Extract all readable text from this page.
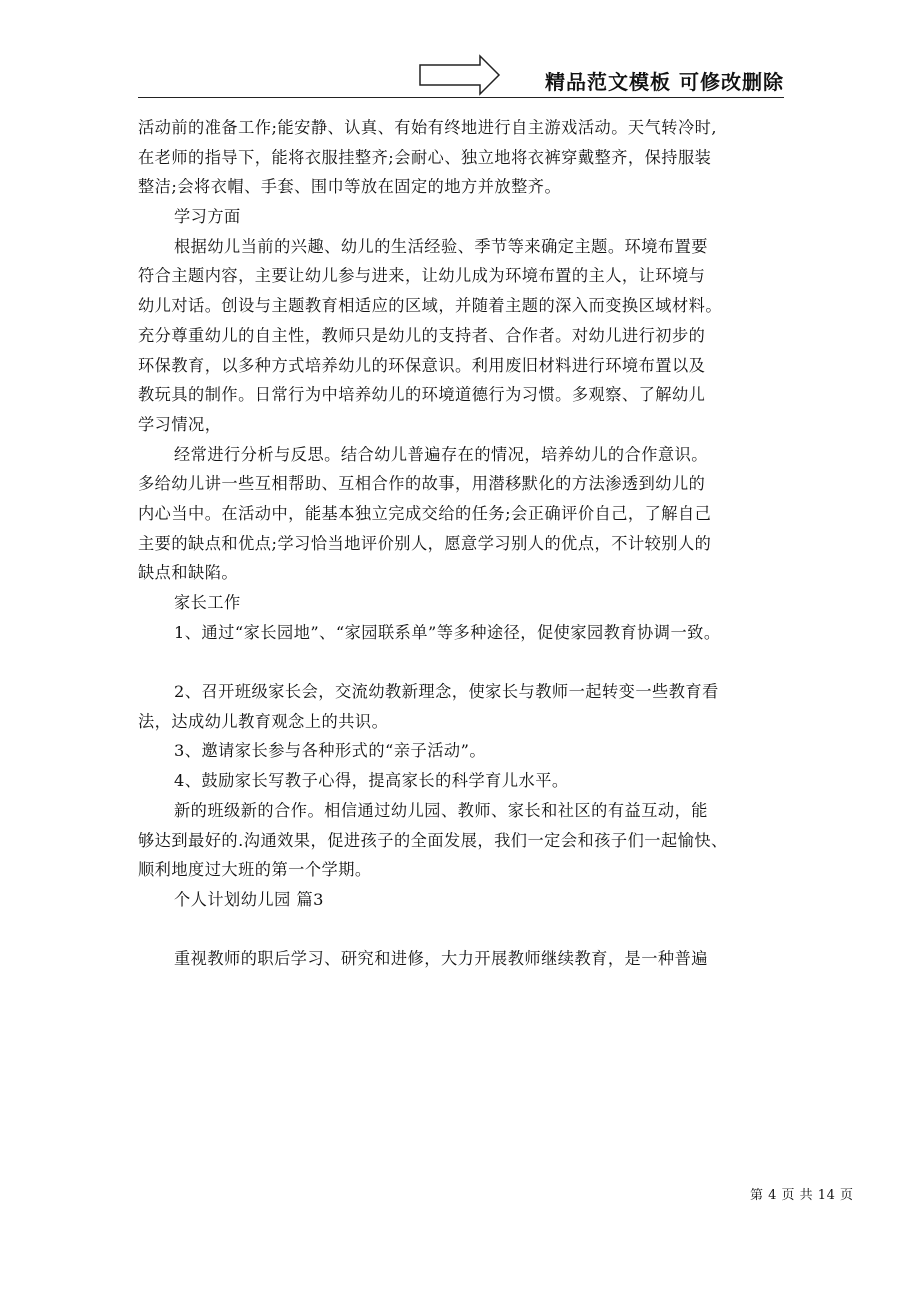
精品范文模板 可修改删除
活动前的准备工作;能安静、认真、有始有终地进行自主游戏活动。天气转冷时,
在老师的指导下，能将衣服挂整齐;会耐心、独立地将衣裤穿戴整齐，保持服装
整洁;会将衣帽、手套、围巾等放在固定的地方并放整齐。
学习方面
根据幼儿当前的兴趣、幼儿的生活经验、季节等来确定主题。环境布置要
符合主题内容，主要让幼儿参与进来，让幼儿成为环境布置的主人，让环境与
幼儿对话。创设与主题教育相适应的区域，并随着主题的深入而变换区域材料。
充分尊重幼儿的自主性，教师只是幼儿的支持者、合作者。对幼儿进行初步的
环保教育，以多种方式培养幼儿的环保意识。利用废旧材料进行环境布置以及
教玩具的制作。日常行为中培养幼儿的环境道德行为习惯。多观察、了解幼儿
学习情况，
经常进行分析与反思。结合幼儿普遍存在的情况，培养幼儿的合作意识。
多给幼儿讲一些互相帮助、互相合作的故事，用潜移默化的方法渗透到幼儿的
内心当中。在活动中，能基本独立完成交给的任务;会正确评价自己，了解自己
主要的缺点和优点;学习恰当地评价别人，愿意学习别人的优点，不计较别人的
缺点和缺陷。
家长工作
1、通过“家长园地”、“家园联系单”等多种途径，促使家园教育协调一致。
2、召开班级家长会，交流幼教新理念，使家长与教师一起转变一些教育看
法，达成幼儿教育观念上的共识。
3、邀请家长参与各种形式的“亲子活动”。
4、鼓励家长写教子心得，提高家长的科学育儿水平。
新的班级新的合作。相信通过幼儿园、教师、家长和社区的有益互动，能
够达到最好的.沟通效果，促进孩子的全面发展，我们一定会和孩子们一起愉快、
顺利地度过大班的第一个学期。
个人计划幼儿园 篇3
重视教师的职后学习、研究和进修，大力开展教师继续教育，是一种普遍
第 4 页 共 14 页
